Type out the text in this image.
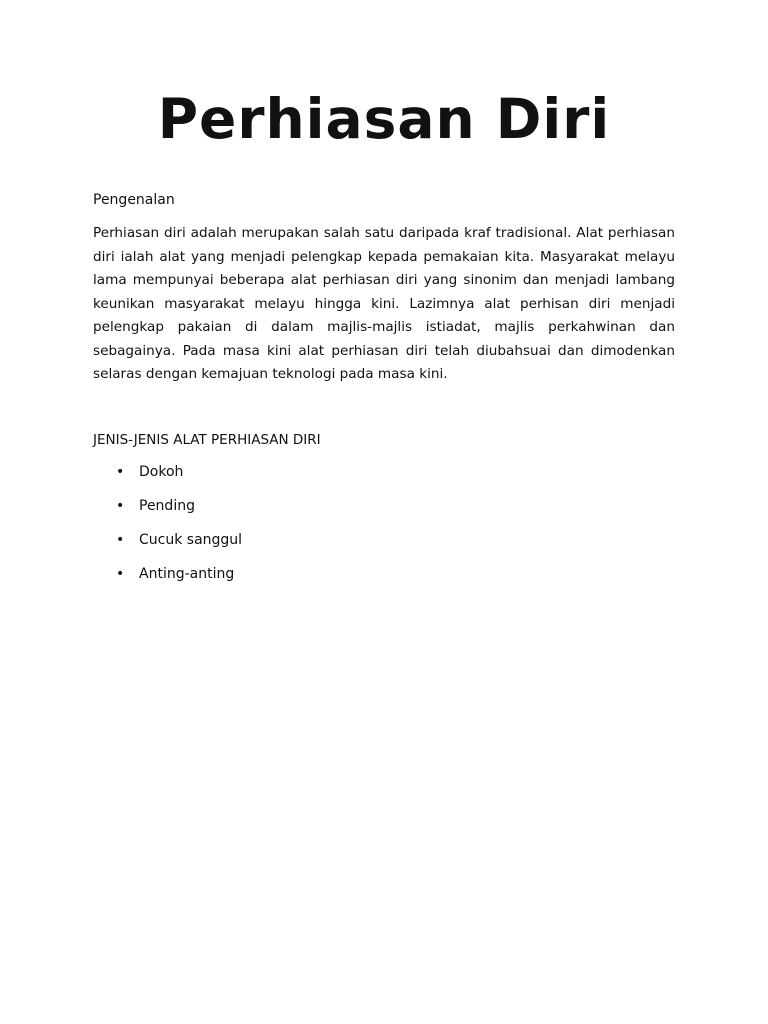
Perhiasan Diri
Pengenalan

Perhiasan diri adalah merupakan salah satu daripada kraf tradisional. Alat perhiasan diri ialah alat yang menjadi pelengkap kepada pemakaian kita. Masyarakat melayu lama mempunyai beberapa alat perhiasan diri yang sinonim dan menjadi lambang keunikan masyarakat melayu hingga kini. Lazimnya alat perhisan diri menjadi pelengkap pakaian di dalam majlis-majlis istiadat, majlis perkahwinan dan sebagainya. Pada masa kini alat perhiasan diri telah diubahsuai dan dimodenkan selaras dengan kemajuan teknologi pada masa kini.

JENIS-JENIS ALAT PERHIASAN DIRI
• Dokoh
• Pending
• Cucuk sanggul
• Anting-anting
